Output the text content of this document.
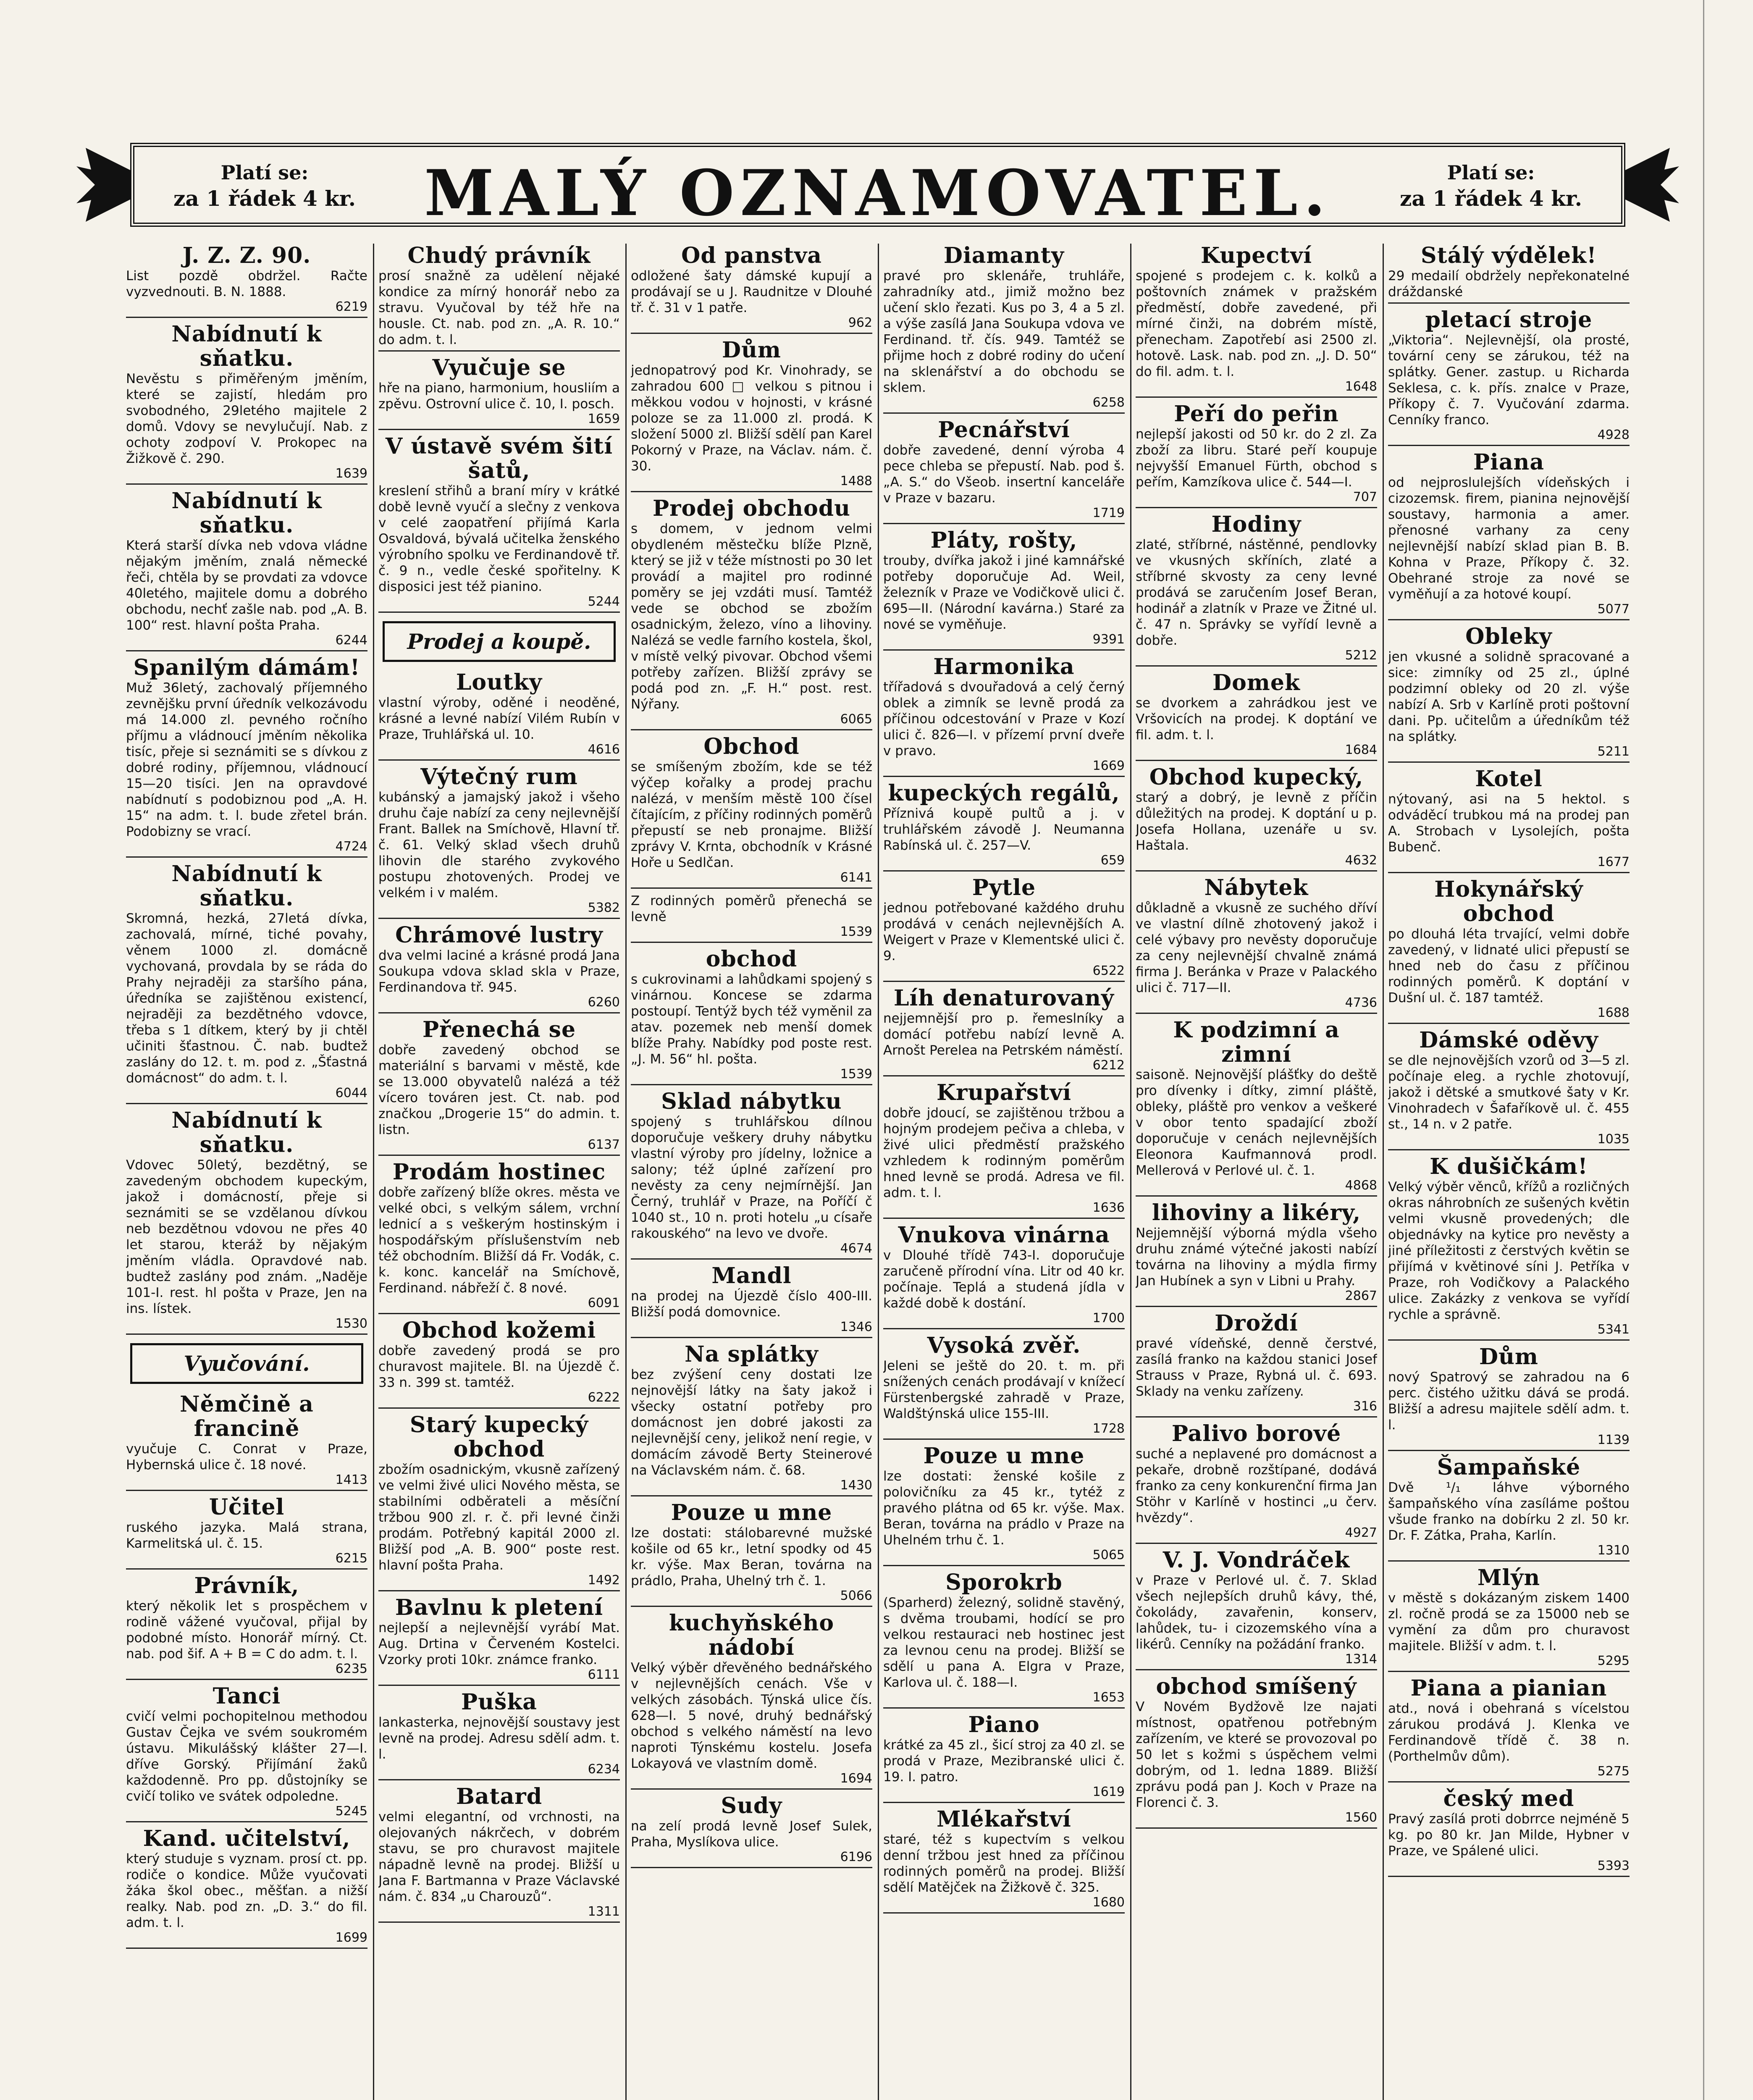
Platí se:
za 1 řádek 4 kr.	MALÝ OZNAMOVATEL.	Platí se:
za 1 řádek 4 kr.
J. Z. Z. 90.

List pozdě obdržel. Račte vyzvednouti. B. N. 1888.

6219
Nabídnutí k sňatku.

Nevěstu s přiměřeným jměním, které se zajistí, hledám pro svobodného, 29letého majitele 2 domů. Vdovy se nevylučují. Nab. z ochoty zodpoví V. Prokopec na Žižkově č. 290.

1639
Nabídnutí k sňatku.

Která starší dívka neb vdova vládne nějakým jměním, znalá německé řeči, chtěla by se provdati za vdovce 40letého, majitele domu a dobrého obchodu, nechť zašle nab. pod „A. B. 100“ rest. hlavní pošta Praha.

6244
Spanilým dámám!

Muž 36letý, zachovalý příjemného zevnějšku první úředník velkozávodu má 14.000 zl. pevného ročního příjmu a vládnoucí jměním několika tisíc, přeje si seznámiti se s dívkou z dobré rodiny, příjemnou, vládnoucí 15—20 tisíci. Jen na opravdové nabídnutí s podobiznou pod „A. H. 15“ na adm. t. l. bude zřetel brán. Podobizny se vrací.

4724
Nabídnutí k sňatku.

Skromná, hezká, 27letá dívka, zachovalá, mírné, tiché povahy, věnem 1000 zl. domácně vychovaná, provdala by se ráda do Prahy nejraději za staršího pána, úředníka se zajištěnou existencí, nejraději za bezdětného vdovce, třeba s 1 dítkem, který by ji chtěl učiniti šťastnou. Č. nab. budtež zaslány do 12. t. m. pod z. „Šťastná domácnost“ do adm. t. l.

6044
Nabídnutí k sňatku.

Vdovec 50letý, bezdětný, se zavedeným obchodem kupeckým, jakož i domácností, přeje si seznámiti se se vzdělanou dívkou neb bezdětnou vdovou ne přes 40 let starou, kteráž by nějakým jměním vládla. Opravdové nab. budtež zaslány pod znám. „Naděje 101-I. rest. hl pošta v Praze, Jen na ins. lístek.

1530
Vyučování.
Němčině a francině

vyučuje C. Conrat v Praze, Hybernská ulice č. 18 nové.

1413
Učitel

ruského jazyka. Malá strana, Karmelitská ul. č. 15.

6215
Právník,

který několik let s prospěchem v rodině vážené vyučoval, přijal by podobné místo. Honorář mírný. Ct. nab. pod šif. A + B = C do adm. t. l.

6235
Tanci

cvičí velmi pochopitelnou methodou Gustav Čejka ve svém soukromém ústavu. Mikulášský klášter 27—I. dříve Gorský. Přijímání žaků každodenně. Pro pp. důstojníky se cvičí toliko ve svátek odpoledne.

5245
Kand. učitelství,

který studuje s vyznam. prosí ct. pp. rodiče o kondice. Může vyučovati žáka škol obec., měšťan. a nižší realky. Nab. pod zn. „D. 3.“ do fil. adm. t. l.

1699
Chudý právník

prosí snažně za udělení nějaké kondice za mírný honorář nebo za stravu. Vyučoval by též hře na housle. Ct. nab. pod zn. „A. R. 10.“ do adm. t. l.

Vyučuje se

hře na piano, harmonium, housliím a zpěvu. Ostrovní ulice č. 10, I. posch.

1659
V ústavě svém šití šatů,

kreslení střihů a braní míry v krátké době levně vyučí a slečny z venkova v celé zaopatření přijímá Karla Osvaldová, bývalá učitelka ženského výrobního spolku ve Ferdinandově tř. č. 9 n., vedle české spořitelny. K disposici jest též pianino.

5244
Prodej a koupě.
Loutky

vlastní výroby, oděné i neoděné, krásné a levné nabízí Vilém Rubín v Praze, Truhlářská ul. 10.

4616
Výtečný rum

kubánský a jamajský jakož i všeho druhu čaje nabízí za ceny nejlevnější Frant. Ballek na Smíchově, Hlavní tř. č. 61. Velký sklad všech druhů lihovin dle starého zvykového postupu zhotovených. Prodej ve velkém i v malém.

5382
Chrámové lustry

dva velmi laciné a krásné prodá Jana Soukupa vdova sklad skla v Praze, Ferdinandova tř. 945.

6260
Přenechá se

dobře zavedený obchod se materiální s barvami v městě, kde se 13.000 obyvatelů nalézá a též vícero továren jest. Ct. nab. pod značkou „Drogerie 15“ do admin. t. listn.

6137
Prodám hostinec

dobře zařízený blíže okres. města ve velké obci, s velkým sálem, vrchní lednicí a s veškerým hostinským i hospodářským příslušenstvím neb též obchodním. Bližší dá Fr. Vodák, c. k. konc. kancelář na Smíchově, Ferdinand. nábřeží č. 8 nové.

6091
Obchod kožemi

dobře zavedený prodá se pro churavost majitele. Bl. na Újezdě č. 33 n. 399 st. tamtéž.

6222
Starý kupecký obchod

zbožím osadnickým, vkusně zařízený ve velmi živé ulici Nového města, se stabilními odběrateli a měsíční tržbou 900 zl. r. č. při levné činži prodám. Potřebný kapitál 2000 zl. Bližší pod „A. B. 900“ poste rest. hlavní pošta Praha.

1492
Bavlnu k pletení

nejlepší a nejlevnější vyrábí Mat. Aug. Drtina v Červeném Kostelci. Vzorky proti 10kr. známce franko.

6111
Puška

lankasterka, nejnovější soustavy jest levně na prodej. Adresu sdělí adm. t. l.

6234
Batard

velmi elegantní, od vrchnosti, na olejovaných nákrčech, v dobrém stavu, se pro churavost majitele nápadně levně na prodej. Bližší u Jana F. Bartmanna v Praze Václavské nám. č. 834 „u Charouzů“.

1311
Od panstva

odložené šaty dámské kupují a prodávají se u J. Raudnitze v Dlouhé tř. č. 31 v 1 patře.

962
Dům

jednopatrový pod Kr. Vinohrady, se zahradou 600 □ velkou s pitnou i měkkou vodou v hojnosti, v krásné poloze se za 11.000 zl. prodá. K složení 5000 zl. Bližší sdělí pan Karel Pokorný v Praze, na Václav. nám. č. 30.

1488
Prodej obchodu

s domem, v jednom velmi obydleném městečku blíže Plzně, který se již v téže místnosti po 30 let provádí a majitel pro rodinné poměry se jej vzdáti musí. Tamtéž vede se obchod se zbožím osadnickým, železo, víno a lihoviny. Nalézá se vedle farního kostela, škol, v místě velký pivovar. Obchod všemi potřeby zařízen. Bližší zprávy se podá pod zn. „F. H.“ post. rest. Nýřany.

6065
Obchod

se smíšeným zbožím, kde se též výčep kořalky a prodej prachu nalézá, v menším městě 100 čísel čítajícím, z příčiny rodinných poměrů přepustí se neb pronajme. Bližší zprávy V. Krnta, obchodník v Krásné Hoře u Sedlčan.

6141

Z rodinných poměrů přenechá se levně

1539
obchod

s cukrovinami a lahůdkami spojený s vinárnou. Koncese se zdarma postoupí. Tentýž bych též vyměnil za atav. pozemek neb menší domek blíže Prahy. Nabídky pod poste rest. „J. M. 56“ hl. pošta.

1539
Sklad nábytku

spojený s truhlářskou dílnou doporučuje veškery druhy nábytku vlastní výroby pro jídelny, ložnice a salony; též úplné zařízení pro nevěsty za ceny nejmírnější. Jan Černý, truhlář v Praze, na Poříčí č 1040 st., 10 n. proti hotelu „u císaře rakouského“ na levo ve dvoře.

4674
Mandl

na prodej na Újezdě číslo 400-III. Bližší podá domovnice.

1346
Na splátky

bez zvýšení ceny dostati lze nejnovější látky na šaty jakož i všecky ostatní potřeby pro domácnost jen dobré jakosti za nejlevnější ceny, jelikož není regie, v domácím závodě Berty Steinerové na Václavském nám. č. 68.

1430
Pouze u mne

lze dostati: stálobarevné mužské košile od 65 kr., letní spodky od 45 kr. výše. Max Beran, továrna na prádlo, Praha, Uhelný trh č. 1.

5066
kuchyňského nádobí

Velký výběr dřevěného bednářského v nejlevnějších cenách. Vše v velkých zásobách. Týnská ulice čís. 628—I. 5 nové, druhý bednářský obchod s velkého náměstí na levo naproti Týnskému kostelu. Josefa Lokayová ve vlastním domě.

1694
Sudy

na zelí prodá levně Josef Sulek, Praha, Myslíkova ulice.

6196
Diamanty

pravé pro sklenáře, truhláře, zahradníky atd., jimiž možno bez učení sklo řezati. Kus po 3, 4 a 5 zl. a výše zasílá Jana Soukupa vdova ve Ferdinand. tř. čís. 949. Tamtéž se přijme hoch z dobré rodiny do učení na sklenářství a do obchodu se sklem.

6258
Pecnářství

dobře zavedené, denní výroba 4 pece chleba se přepustí. Nab. pod š. „A. S.“ do Všeob. insertní kanceláře v Praze v bazaru.

1719
Pláty, rošty,

trouby, dvířka jakož i jiné kamnářské potřeby doporučuje Ad. Weil, železník v Praze ve Vodičkově ulici č. 695—II. (Národní kavárna.) Staré za nové se vyměňuje.

9391
Harmonika

třířadová s dvouřadová a celý černý oblek a zimník se levně prodá za příčinou odcestování v Praze v Kozí ulici č. 826—I. v přízemí první dveře v pravo.

1669
kupeckých regálů,

Příznivá koupě pultů a j. v truhlářském závodě J. Neumanna Rabínská ul. č. 257—V.

659
Pytle

jednou potřebované každého druhu prodává v cenách nejlevnějších A. Weigert v Praze v Klementské ulici č. 9.

6522
Líh denaturovaný

nejjemnější pro p. řemeslníky a domácí potřebu nabízí levně A. Arnošt Perelea na Petrském náměstí.

6212
Krupařství

dobře jdoucí, se zajištěnou tržbou a hojným prodejem pečiva a chleba, v živé ulici předměstí pražského vzhledem k rodinným poměrům hned levně se prodá. Adresa ve fil. adm. t. l.

1636
Vnukova vinárna

v Dlouhé třídě 743-I. doporučuje zaručeně přírodní vína. Litr od 40 kr. počínaje. Teplá a studená jídla v každé době k dostání.

1700
Vysoká zvěř.

Jeleni se ještě do 20. t. m. při snížených cenách prodávají v knížecí Fürstenbergské zahradě v Praze, Waldštýnská ulice 155-III.

1728
Pouze u mne

lze dostati: ženské košile z polovičníku za 45 kr., tytéž z pravého plátna od 65 kr. výše. Max. Beran, továrna na prádlo v Praze na Uhelném trhu č. 1.

5065
Sporokrb

(Sparherd) železný, solidně stavěný, s dvěma troubami, hodící se pro velkou restauraci neb hostinec jest za levnou cenu na prodej. Bližší se sdělí u pana A. Elgra v Praze, Karlova ul. č. 188—I.

1653
Piano

krátké za 45 zl., šicí stroj za 40 zl. se prodá v Praze, Mezibranské ulici č. 19. I. patro.

1619
Mlékařství

staré, též s kupectvím s velkou denní tržbou jest hned za příčinou rodinných poměrů na prodej. Bližší sdělí Matějček na Žižkově č. 325.

1680
Kupectví

spojené s prodejem c. k. kolků a poštovních známek v pražském předměstí, dobře zavedené, při mírné činži, na dobrém místě, přenecham. Zapotřebí asi 2500 zl. hotově. Lask. nab. pod zn. „J. D. 50“ do fil. adm. t. l.

1648
Peří do peřin

nejlepší jakosti od 50 kr. do 2 zl. Za zboží za libru. Staré peří koupuje nejvyšší Emanuel Fürth, obchod s peřím, Kamzíkova ulice č. 544—I.

707
Hodiny

zlaté, stříbrné, nástěnné, pendlovky ve vkusných skříních, zlaté a stříbrné skvosty za ceny levné prodává se zaručením Josef Beran, hodinář a zlatník v Praze ve Žitné ul. č. 47 n. Správky se vyřídí levně a dobře.

5212
Domek

se dvorkem a zahrádkou jest ve Vršovicích na prodej. K doptání ve fil. adm. t. l.

1684
Obchod kupecký,

starý a dobrý, je levně z příčin důležitých na prodej. K doptání u p. Josefa Hollana, uzenáře u sv. Haštala.

4632
Nábytek

důkladně a vkusně ze suchého dříví ve vlastní dílně zhotovený jakož i celé výbavy pro nevěsty doporučuje za ceny nejlevnější chvalně známá firma J. Beránka v Praze v Palackého ulici č. 717—II.

4736
K podzimní a zimní

saisoně. Nejnovější plášťky do deště pro dívenky i dítky, zimní pláště, obleky, pláště pro venkov a veškeré v obor tento spadající zboží doporučuje v cenách nejlevnějších Eleonora Kaufmannová prodl. Mellerová v Perlové ul. č. 1.

4868
lihoviny a likéry,

Nejjemnější výborná mýdla všeho druhu známé výtečné jakosti nabízí továrna na lihoviny a mýdla firmy Jan Hubínek a syn v Libni u Prahy.

2867
Droždí

pravé vídeňské, denně čerstvé, zasílá franko na každou stanici Josef Strauss v Praze, Rybná ul. č. 693. Sklady na venku zařízeny.

316
Palivo borové

suché a neplavené pro domácnost a pekaře, drobně rozštípané, dodává franko za ceny konkurenční firma Jan Stöhr v Karlíně v hostinci „u červ. hvězdy“.

4927
V. J. Vondráček

v Praze v Perlové ul. č. 7. Sklad všech nejlepších druhů kávy, thé, čokolády, zavařenin, konserv, lahůdek, tu- i cizozemského vína a likérů. Cenníky na požádání franko.

1314
obchod smíšený

V Novém Bydžově lze najati místnost, opatřenou potřebným zařízením, ve které se provozoval po 50 let s kožmi s úspěchem velmi dobrým, od 1. ledna 1889. Bližší zprávu podá pan J. Koch v Praze na Florenci č. 3.

1560
Stálý výdělek!

29 medailí obdržely nepřekonatelné dráždanské

pletací stroje

„Viktoria“. Nejlevnější, ola prosté, tovární ceny se zárukou, též na splátky. Gener. zastup. u Richarda Seklesa, c. k. přís. znalce v Praze, Příkopy č. 7. Vyučování zdarma. Cenníky franco.

4928
Piana

od nejproslulejších vídeňských i cizozemsk. firem, pianina nejnovější soustavy, harmonia a amer. přenosné varhany za ceny nejlevnější nabízí sklad pian B. B. Kohna v Praze, Příkopy č. 32. Obehrané stroje za nové se vyměňují a za hotové koupí.

5077
Obleky

jen vkusné a solidně spracované a sice: zimníky od 25 zl., úplné podzimní obleky od 20 zl. výše nabízí A. Srb v Karlíně proti poštovní dani. Pp. učitelům a úředníkům též na splátky.

5211
Kotel

nýtovaný, asi na 5 hektol. s odváděcí trubkou má na prodej pan A. Strobach v Lysolejích, pošta Bubenč.

1677
Hokynářský obchod

po dlouhá léta trvající, velmi dobře zavedený, v lidnaté ulici přepustí se hned neb do času z příčinou rodinných poměrů. K doptání v Dušní ul. č. 187 tamtéž.

1688
Dámské oděvy

se dle nejnovějších vzorů od 3—5 zl. počínaje eleg. a rychle zhotovují, jakož i dětské a smutkové šaty v Kr. Vinohradech v Šafaříkově ul. č. 455 st., 14 n. v 2 patře.

1035
K dušičkám!

Velký výběr věnců, křížů a rozličných okras náhrobních ze sušených květin velmi vkusně provedených; dle objednávky na kytice pro nevěsty a jiné příležitosti z čerstvých květin se přijímá v květinové síni J. Petříka v Praze, roh Vodičkovy a Palackého ulice. Zakázky z venkova se vyřídí rychle a správně.

5341
Dům

nový Spatrový se zahradou na 6 perc. čistého užitku dává se prodá. Bližší a adresu majitele sdělí adm. t. l.

1139
Šampaňské

Dvě ¹/₁ láhve výborného šampaňského vína zasíláme poštou všude franko na dobírku 2 zl. 50 kr. Dr. F. Zátka, Praha, Karlín.

1310
Mlýn

v městě s dokázaným ziskem 1400 zl. ročně prodá se za 15000 neb se vymění za dům pro churavost majitele. Bližší v adm. t. l.

5295
Piana a pianian

atd., nová i obehraná s vícelstou zárukou prodává J. Klenka ve Ferdinandově třídě č. 38 n. (Porthelmův dům).

5275
český med

Pravý zasílá proti dobrrce nejméně 5 kg. po 80 kr. Jan Milde, Hybner v Praze, ve Spálené ulici.

5393
